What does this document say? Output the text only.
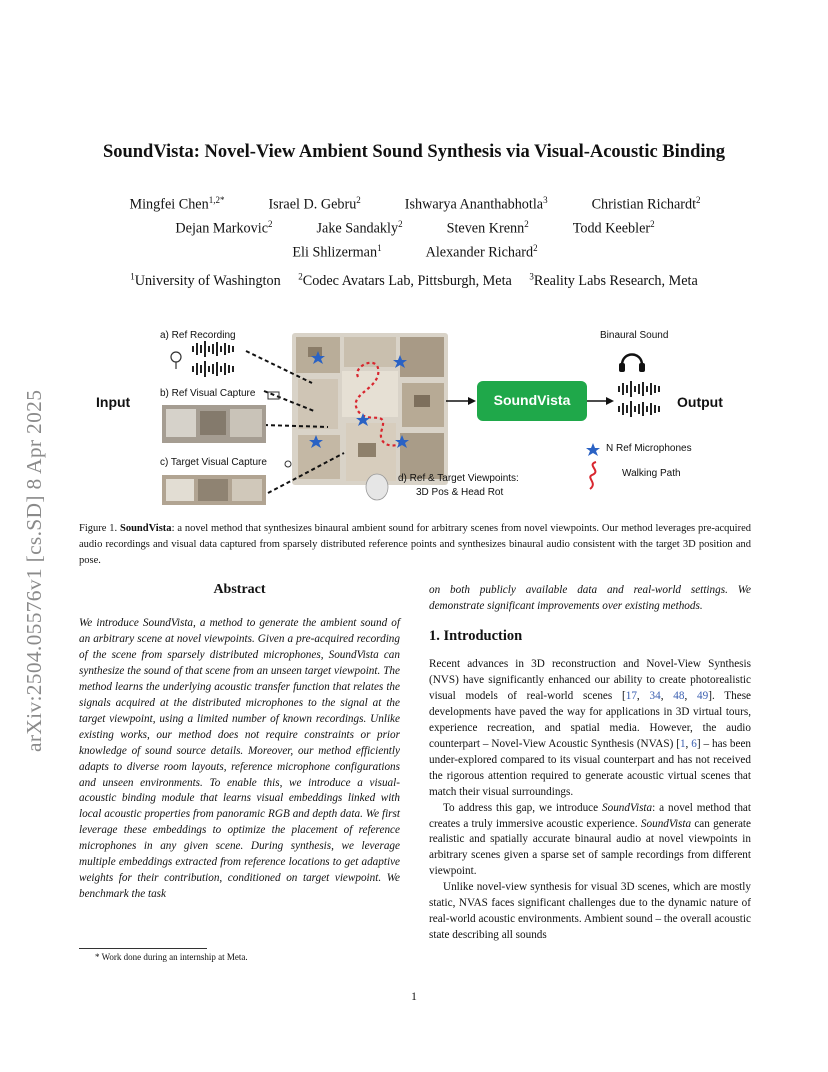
arXiv:2504.05576v1 [cs.SD] 8 Apr 2025
SoundVista: Novel-View Ambient Sound Synthesis via Visual-Acoustic Binding
Mingfei Chen$^{1,2*}$	Israel D. Gebru$^2$	Ishwarya Ananthabhotla$^3$	Christian Richardt$^2$
Dejan Markovic$^2$	Jake Sandakly$^2$	Steven Krenn$^2$	Todd Keebler$^2$
Eli Shlizerman$^1$	Alexander Richard$^2$
$^1$University of Washington $^2$Codec Avatars Lab, Pittsburgh, Meta $^3$Reality Labs Research, Meta
Input	Output
a) Ref Recording
b) Ref Visual Capture
c) Target Visual Capture
d) Ref & Target Viewpoints:
3D Pos & Head Rot
SoundVista
Binaural Sound
N Ref Microphones
Walking Path
Figure 1. SoundVista: a novel method that synthesizes binaural ambient sound for arbitrary scenes from novel viewpoints. Our method leverages pre-acquired audio recordings and visual data captured from sparsely distributed reference points and synthesizes binaural audio consistent with the target 3D position and pose.
Abstract
We introduce SoundVista, a method to generate the ambient sound of an arbitrary scene at novel viewpoints. Given a pre-acquired recording of the scene from sparsely distributed microphones, SoundVista can synthesize the sound of that scene from an unseen target viewpoint. The method learns the underlying acoustic transfer function that relates the signals acquired at the distributed microphones to the signal at the target viewpoint, using a limited number of known recordings. Unlike existing works, our method does not require constraints or prior knowledge of sound source details. Moreover, our method efficiently adapts to diverse room layouts, reference microphone configurations and unseen environments. To enable this, we introduce a visual-acoustic binding module that learns visual embeddings linked with local acoustic properties from panoramic RGB and depth data. We first leverage these embeddings to optimize the placement of reference microphones in any given scene. During synthesis, we leverage multiple embeddings extracted from reference locations to get adaptive weights for their contribution, conditioned on target viewpoint. We benchmark the task
* Work done during an internship at Meta.
on both publicly available data and real-world settings. We demonstrate significant improvements over existing methods.
1. Introduction

Recent advances in 3D reconstruction and Novel-View Synthesis (NVS) have significantly enhanced our ability to create photorealistic visual models of real-world scenes [17, 34, 48, 49]. These developments have paved the way for applications in 3D virtual tours, experience recreation, and spatial media. However, the audio counterpart – Novel-View Acoustic Synthesis (NVAS) [1, 6] – has been under-explored compared to its visual counterpart and has not received the rigorous attention required to generate acoustic virtual scenes that match their visual surroundings.

To address this gap, we introduce SoundVista: a novel method that creates a truly immersive acoustic experience. SoundVista can generate realistic and spatially accurate binaural audio at novel viewpoints in arbitrary scenes given a sparse set of sample recordings from different viewpoint.

Unlike novel-view synthesis for visual 3D scenes, which are mostly static, NVAS faces significant challenges due to the dynamic nature of real-world acoustic environments. Ambient sound – the overall acoustic state describing all sounds

1
